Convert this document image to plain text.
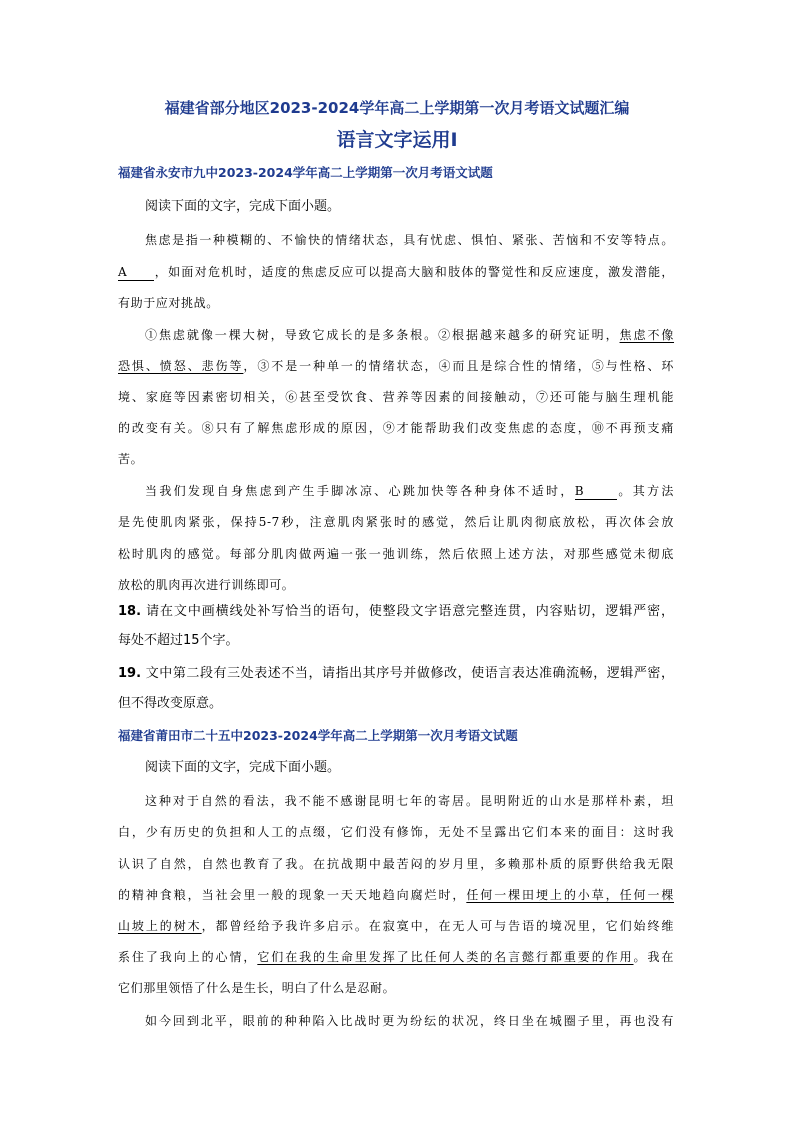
福建省部分地区2023-2024学年高二上学期第一次月考语文试题汇编
语言文字运用Ⅰ
福建省永安市九中2023-2024学年高二上学期第一次月考语文试题
阅读下面的文字，完成下面小题。
焦虑是指一种模糊的、不愉快的情绪状态，具有忧虑、惧怕、紧张、苦恼和不安等特点。
A ，如面对危机时，适度的焦虑反应可以提高大脑和肢体的警觉性和反应速度，激发潜能，
有助于应对挑战。
①焦虑就像一棵大树，导致它成长的是多条根。②根据越来越多的研究证明，焦虑不像
恐惧、愤怒、悲伤等，③不是一种单一的情绪状态，④而且是综合性的情绪，⑤与性格、环
境、家庭等因素密切相关，⑥甚至受饮食、营养等因素的间接触动，⑦还可能与脑生理机能
的改变有关。⑧只有了解焦虑形成的原因，⑨才能帮助我们改变焦虑的态度，⑩不再预支痛
苦。
当我们发现自身焦虑到产生手脚冰凉、心跳加快等各种身体不适时，B	。其方法
是先使肌肉紧张，保持5-7秒，注意肌肉紧张时的感觉，然后让肌肉彻底放松，再次体会放
松时肌肉的感觉。每部分肌肉做两遍一张一弛训练，然后依照上述方法，对那些感觉未彻底
放松的肌肉再次进行训练即可。
18. 请在文中画横线处补写恰当的语句，使整段文字语意完整连贯，内容贴切，逻辑严密，
每处不超过15个字。
19. 文中第二段有三处表述不当，请指出其序号并做修改，使语言表达准确流畅，逻辑严密，
但不得改变原意。
福建省莆田市二十五中2023-2024学年高二上学期第一次月考语文试题
阅读下面的文字，完成下面小题。
这种对于自然的看法，我不能不感谢昆明七年的寄居。昆明附近的山水是那样朴素，坦
白，少有历史的负担和人工的点缀，它们没有修饰，无处不呈露出它们本来的面目：这时我
认识了自然，自然也教育了我。在抗战期中最苦闷的岁月里，多赖那朴质的原野供给我无限
的精神食粮，当社会里一般的现象一天天地趋向腐烂时，任何一棵田埂上的小草，任何一棵
山坡上的树木，都曾经给予我许多启示。在寂寞中，在无人可与告语的境况里，它们始终维
系住了我向上的心情，它们在我的生命里发挥了比任何人类的名言懿行都重要的作用。我在
它们那里领悟了什么是生长，明白了什么是忍耐。
如今回到北平，眼前的种种陷入比战时更为纷纭的状况，终日坐在城圈子里，再也没有
